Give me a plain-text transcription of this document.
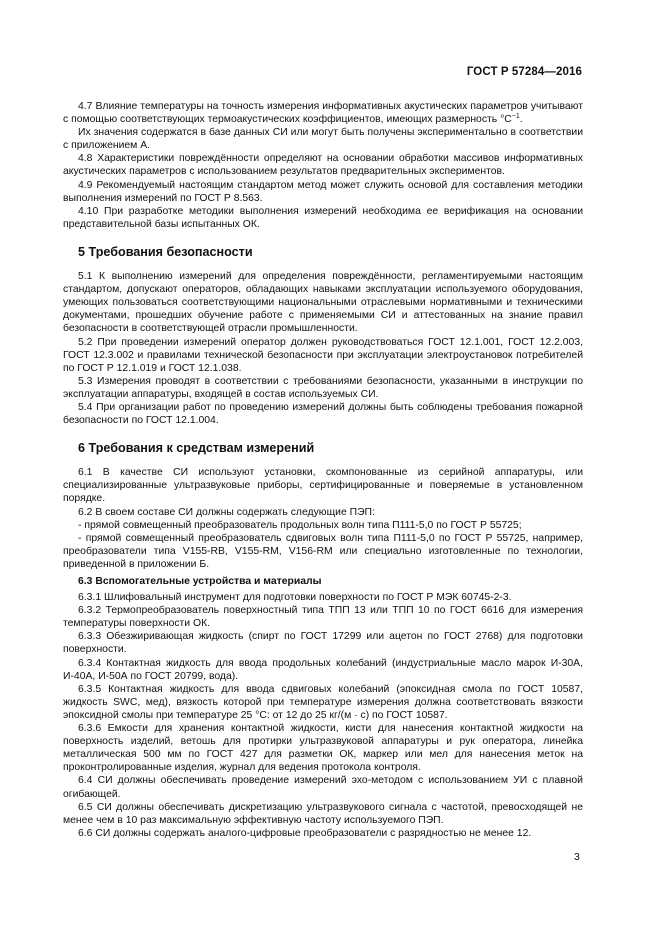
ГОСТ Р 57284—2016

4.7 Влияние температуры на точность измерения информативных акустических параметров учитывают с помощью соответствующих термоакустических коэффициентов, имеющих размерность $^\circ С^{-1}$.

Их значения содержатся в базе данных СИ или могут быть получены экспериментально в соответствии с приложением А.

4.8 Характеристики повреждённости определяют на основании обработки массивов информативных акустических параметров с использованием результатов предварительных экспериментов.

4.9 Рекомендуемый настоящим стандартом метод может служить основой для составления методики выполнения измерений по ГОСТ Р 8.563.

4.10 При разработке методики выполнения измерений необходима ее верификация на основании представительной базы испытанных ОК.

5 Требования безопасности

5.1 К выполнению измерений для определения повреждённости, регламентируемыми настоящим стандартом, допускают операторов, обладающих навыками эксплуатации используемого оборудования, умеющих пользоваться соответствующими национальными отраслевыми нормативными и техническими документами, прошедших обучение работе с применяемыми СИ и аттестованных на знание правил безопасности в соответствующей отрасли промышленности.

5.2 При проведении измерений оператор должен руководствоваться ГОСТ 12.1.001, ГОСТ 12.2.003, ГОСТ 12.3.002 и правилами технической безопасности при эксплуатации электроустановок потребителей по ГОСТ Р 12.1.019 и ГОСТ 12.1.038.

5.3 Измерения проводят в соответствии с требованиями безопасности, указанными в инструкции по эксплуатации аппаратуры, входящей в состав используемых СИ.

5.4 При организации работ по проведению измерений должны быть соблюдены требования пожарной безопасности по ГОСТ 12.1.004.

6 Требования к средствам измерений

6.1 В качестве СИ используют установки, скомпонованные из серийной аппаратуры, или специализированные ультразвуковые приборы, сертифицированные и поверяемые в установленном порядке.

6.2 В своем составе СИ должны содержать следующие ПЭП:

- прямой совмещенный преобразователь продольных волн типа П111-5,0 по ГОСТ Р 55725;

- прямой совмещенный преобразователь сдвиговых волн типа П111-5,0 по ГОСТ Р 55725, например, преобразователи типа V155-RB, V155-RM, V156-RM или специально изготовленные по технологии, приведенной в приложении Б.

6.3 Вспомогательные устройства и материалы

6.3.1 Шлифовальный инструмент для подготовки поверхности по ГОСТ Р МЭК 60745-2-3.

6.3.2 Термопреобразователь поверхностный типа ТПП 13 или ТПП 10 по ГОСТ 6616 для измерения температуры поверхности ОК.

6.3.3 Обезжиривающая жидкость (спирт по ГОСТ 17299 или ацетон по ГОСТ 2768) для подготовки поверхности.

6.3.4 Контактная жидкость для ввода продольных колебаний (индустриальные масло марок И-30А, И-40А, И-50А по ГОСТ 20799, вода).

6.3.5 Контактная жидкость для ввода сдвиговых колебаний (эпоксидная смола по ГОСТ 10587, жидкость SWC, мед), вязкость которой при температуре измерения должна соответствовать вязкости эпоксидной смолы при температуре 25 °С: от 12 до 25 кг/(м · с) по ГОСТ 10587.

6.3.6 Емкости для хранения контактной жидкости, кисти для нанесения контактной жидкости на поверхность изделий, ветошь для протирки ультразвуковой аппаратуры и рук оператора, линейка металлическая 500 мм по ГОСТ 427 для разметки ОК, маркер или мел для нанесения меток на проконтролированные изделия, журнал для ведения протокола контроля.

6.4 СИ должны обеспечивать проведение измерений эхо-методом с использованием УИ с плавной огибающей.

6.5 СИ должны обеспечивать дискретизацию ультразвукового сигнала с частотой, превосходящей не менее чем в 10 раз максимальную эффективную частоту используемого ПЭП.

6.6 СИ должны содержать аналого-цифровые преобразователи с разрядностью не менее 12.

3
